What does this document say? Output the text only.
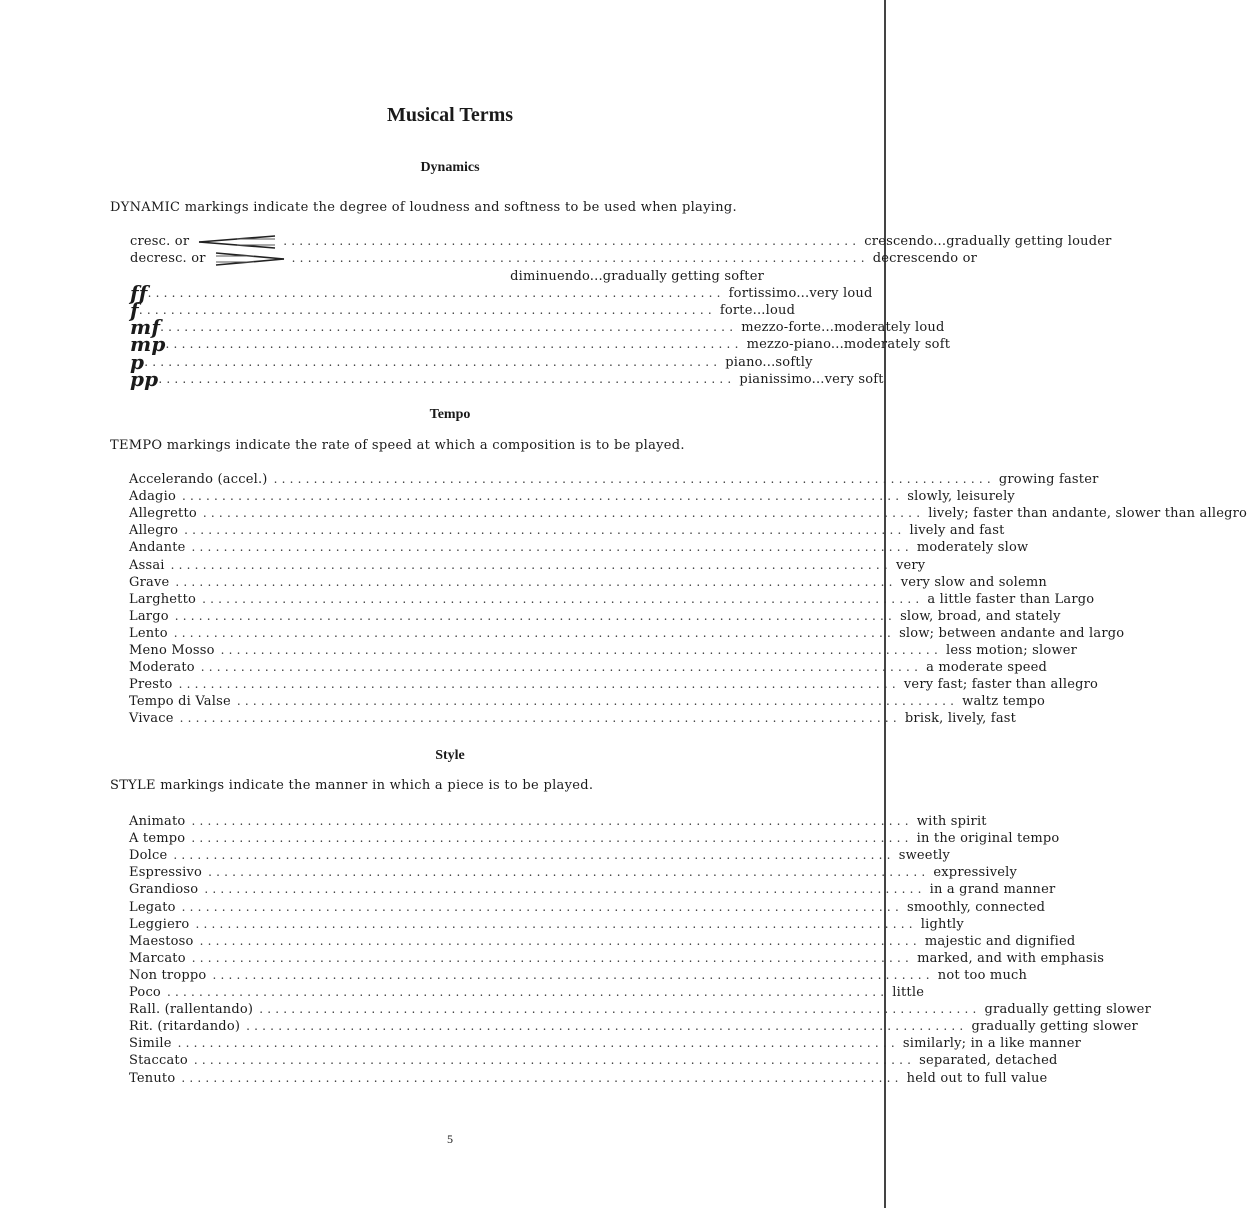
Musical Terms
Dynamics
DYNAMIC markings indicate the degree of loudness and softness to be used when playing.
cresc. or	........................................................................ crescendo...gradually getting louder
decresc. or	........................................................................ decrescendo or
diminuendo...gradually getting softer
ff ........................................................................ fortissimo...very loud
f ........................................................................ forte...loud
mf ........................................................................ mezzo-forte...moderately loud
mp ........................................................................ mezzo-piano...moderately soft
p ........................................................................ piano...softly
pp ........................................................................ pianissimo...very soft
Tempo
TEMPO markings indicate the rate of speed at which a composition is to be played.
Accelerando (accel.) .......................................................................................... growing faster
Adagio .......................................................................................... slowly, leisurely
Allegretto .......................................................................................... lively; faster than andante, slower than allegro
Allegro .......................................................................................... lively and fast
Andante .......................................................................................... moderately slow
Assai .......................................................................................... very
Grave .......................................................................................... very slow and solemn
Larghetto .......................................................................................... a little faster than Largo
Largo .......................................................................................... slow, broad, and stately
Lento .......................................................................................... slow; between andante and largo
Meno Mosso .......................................................................................... less motion; slower
Moderato .......................................................................................... a moderate speed
Presto .......................................................................................... very fast; faster than allegro
Tempo di Valse .......................................................................................... waltz tempo
Vivace .......................................................................................... brisk, lively, fast
Style
STYLE markings indicate the manner in which a piece is to be played.
Animato .......................................................................................... with spirit
A tempo .......................................................................................... in the original tempo
Dolce .......................................................................................... sweetly
Espressivo .......................................................................................... expressively
Grandioso .......................................................................................... in a grand manner
Legato .......................................................................................... smoothly, connected
Leggiero .......................................................................................... lightly
Maestoso .......................................................................................... majestic and dignified
Marcato .......................................................................................... marked, and with emphasis
Non troppo .......................................................................................... not too much
Poco .......................................................................................... little
Rall. (rallentando) .......................................................................................... gradually getting slower
Rit. (ritardando) .......................................................................................... gradually getting slower
Simile .......................................................................................... similarly; in a like manner
Staccato .......................................................................................... separated, detached
Tenuto .......................................................................................... held out to full value
5
